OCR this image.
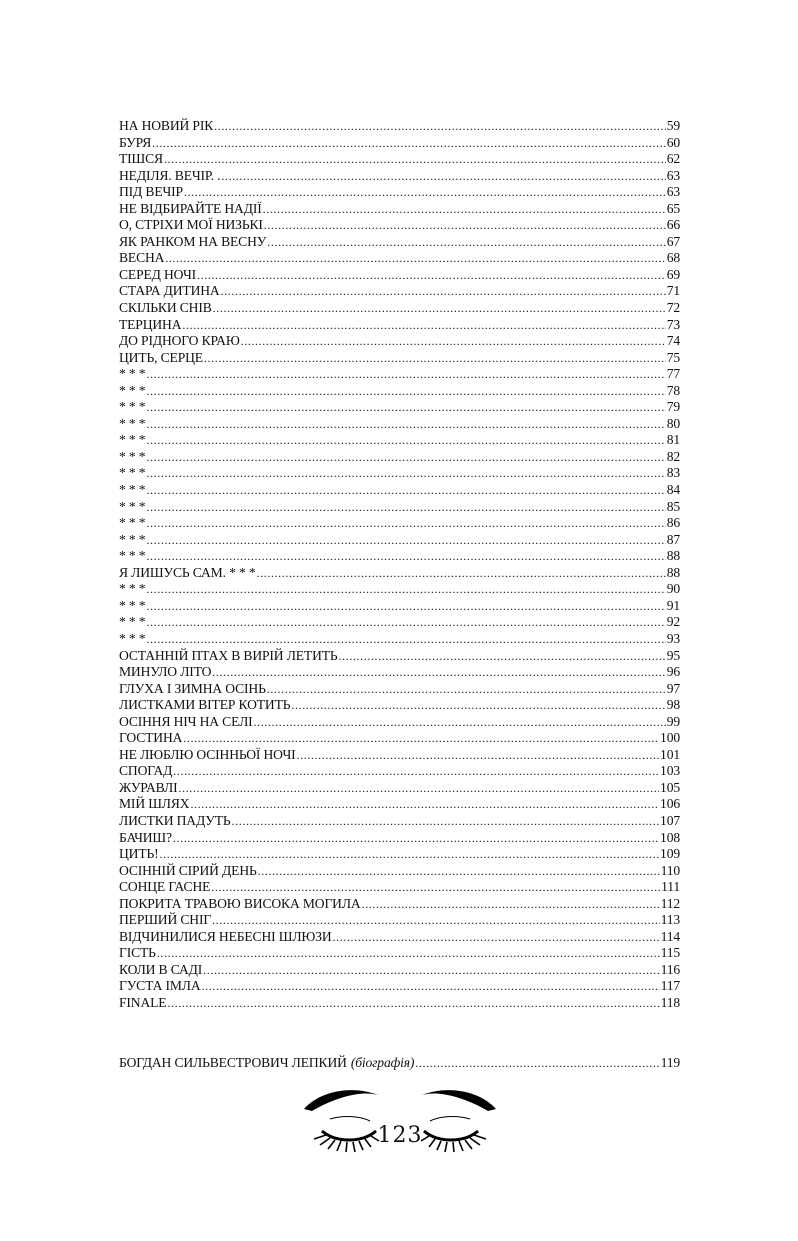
НА НОВИЙ РІК .....	59
БУРЯ .....	60
ТІШСЯ .....	62
НЕДІЛЯ. ВЕЧІР. . .....	63
ПІД ВЕЧІР .....	63
НЕ ВІДБИРАЙТЕ НАДІЇ .....	65
О, СТРІХИ МОЇ НИЗЬКІ .....	66
ЯК РАНКОМ НА ВЕСНУ .....	67
ВЕСНА .....	68
СЕРЕД НОЧІ .....	69
СТАРА ДИТИНА .....	71
СКІЛЬКИ СНІВ .....	72
ТЕРЦИНА .....	73
ДО РІДНОГО КРАЮ .....	74
ЦИТЬ, СЕРЦЕ .....	75
* * * .....	77
* * * .....	78
* * * .....	79
* * * .....	80
* * * .....	81
* * * .....	82
* * * .....	83
* * * .....	84
* * * .....	85
* * * .....	86
* * * .....	87
* * * .....	88
Я ЛИШУСЬ САМ. * * * .....	88
* * * .....	90
* * * .....	91
* * * .....	92
* * * .....	93
ОСТАННІЙ ПТАХ В ВИРІЙ ЛЕТИТЬ .....	95
МИНУЛО ЛІТО .....	96
ГЛУХА І ЗИМНА ОСІНЬ .....	97
ЛИСТКАМИ ВІТЕР КОТИТЬ .....	98
ОСІННЯ НІЧ НА СЕЛІ .....	99
ГОСТИНА .....	100
НЕ ЛЮБЛЮ ОСІННЬОЇ НОЧІ .....	101
СПОГАД .....	103
ЖУРАВЛІ .....	105
МІЙ ШЛЯХ .....	106
ЛИСТКИ ПАДУТЬ .....	107
БАЧИШ? .....	108
ЦИТЬ! .....	109
ОСІННІЙ СІРИЙ ДЕНЬ .....	110
СОНЦЕ ГАСНЕ .....	111
ПОКРИТА ТРАВОЮ ВИСОКА МОГИЛА .....	112
ПЕРШИЙ СНІГ .....	113
ВІДЧИНИЛИСЯ НЕБЕСНІ ШЛЮЗИ .....	114
ГІСТЬ .....	115
КОЛИ В САДІ .....	116
ГУСТА ІМЛА .....	117
FINALE .....	118
БОГДАН СИЛЬВЕСТРОВИЧ ЛЕПКИЙ (біографія) .....	119
123
